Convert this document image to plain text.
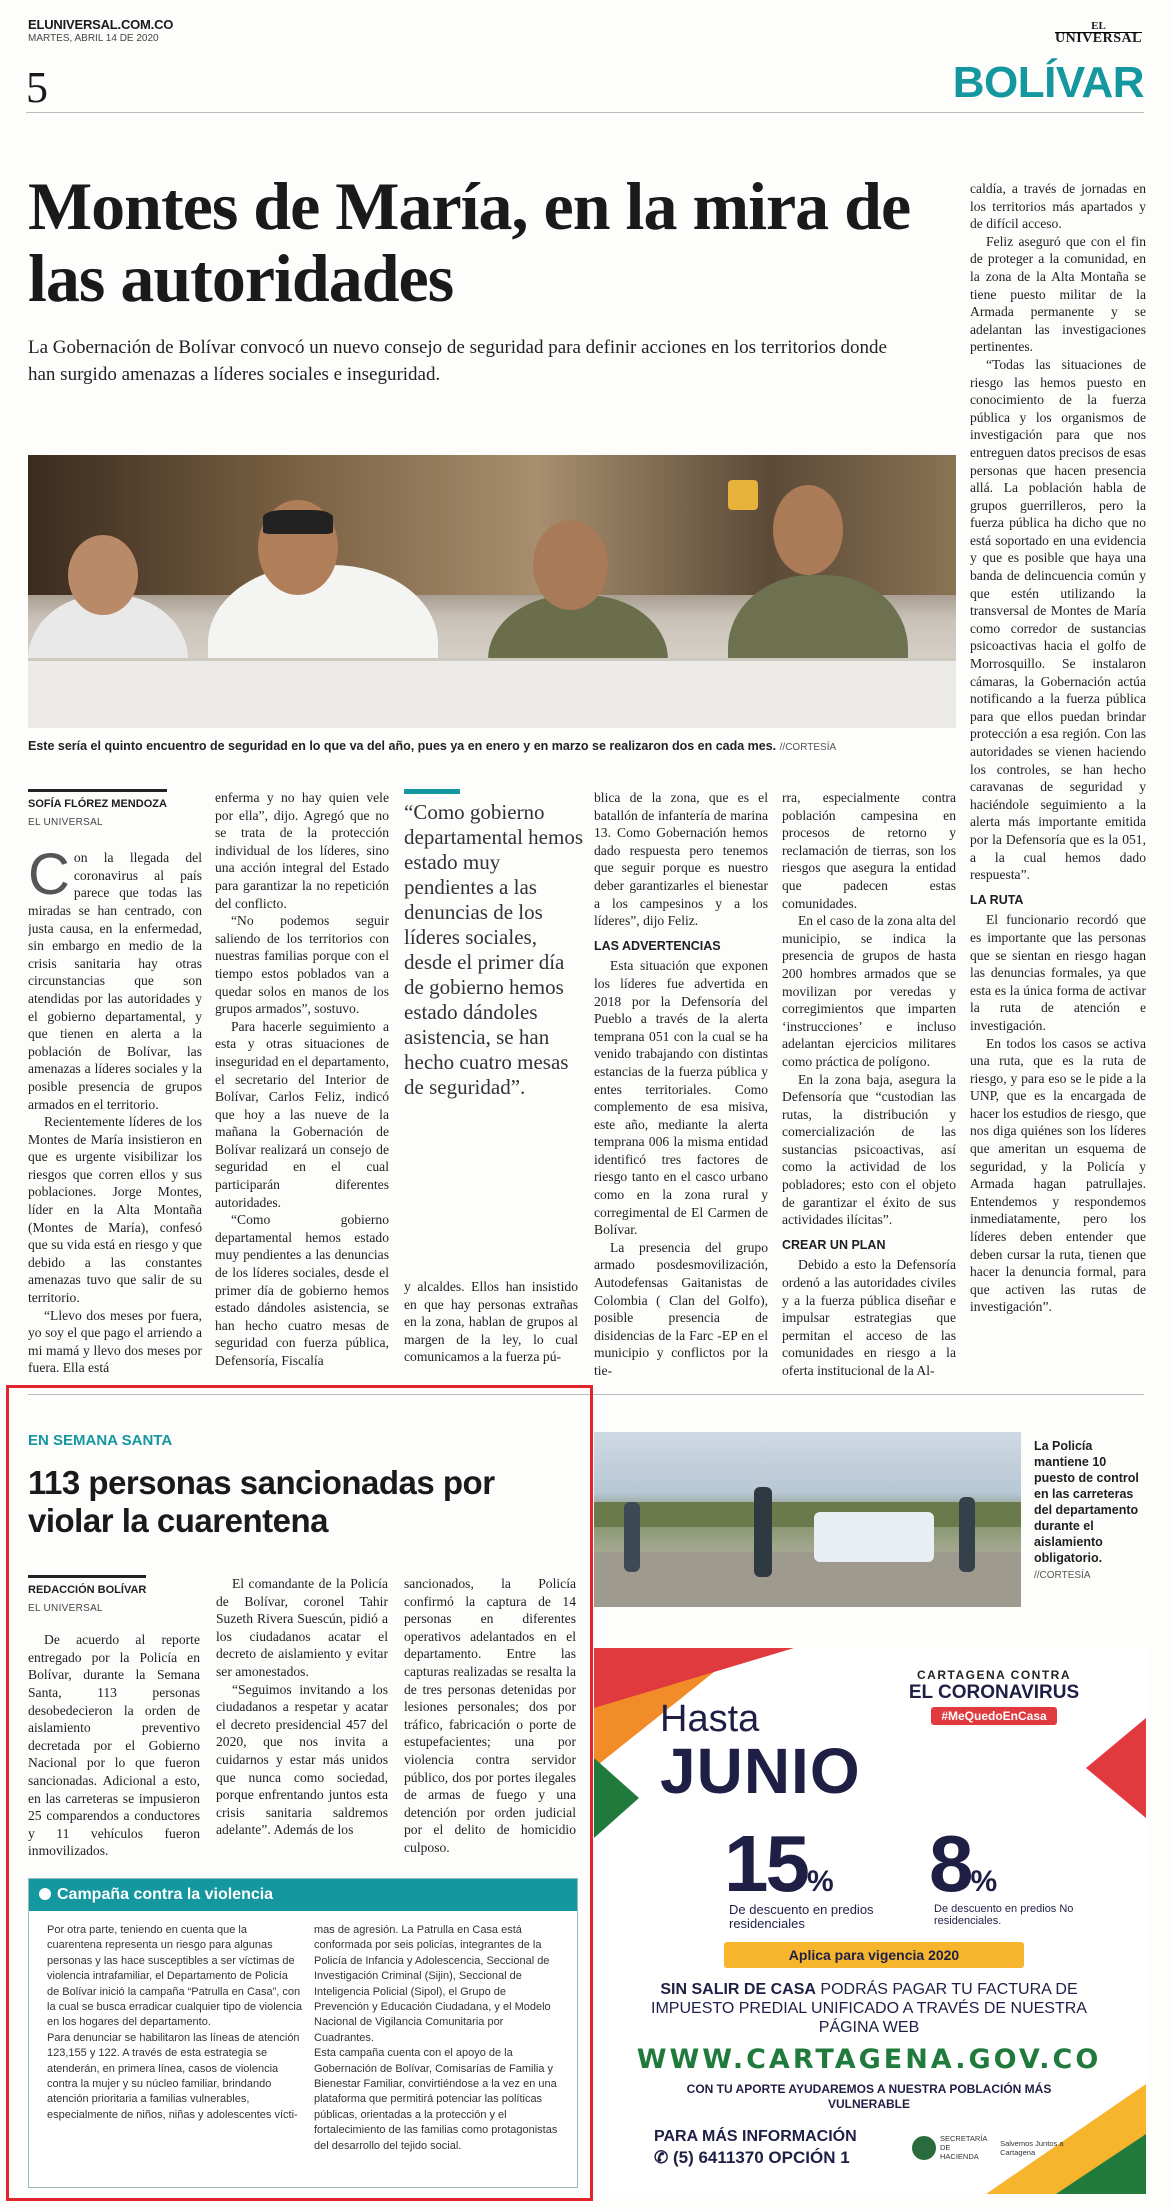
ELUNIVERSAL.COM.CO
MARTES, ABRIL 14 DE 2020
EL
UNIVERSAL
5	BOLÍVAR
Montes de María, en la mira de las autoridades
La Gobernación de Bolívar convocó un nuevo consejo de seguridad para definir acciones en los territorios donde han surgido amenazas a líderes sociales e inseguridad.
Este sería el quinto encuentro de seguridad en lo que va del año, pues ya en enero y en marzo se realizaron dos en cada mes. //CORTESÍA
SOFÍA FLÓREZ MENDOZA
EL UNIVERSAL

Con la llegada del coronavirus al país parece que todas las miradas se han centrado, con justa causa, en la enfermedad, sin embargo en medio de la crisis sanitaria hay otras circunstancias que son atendidas por las autoridades y el gobierno departamental, y que tienen en alerta a la población de Bolívar, las amenazas a líderes sociales y la posible presencia de grupos armados en el territorio.

Recientemente líderes de los Montes de María insistieron en que es urgente visibilizar los riesgos que corren ellos y sus poblaciones. Jorge Montes, líder en la Alta Montaña (Montes de María), confesó que su vida está en riesgo y que debido a las constantes amenazas tuvo que salir de su territorio.

“Llevo dos meses por fuera, yo soy el que pago el arriendo a mi mamá y llevo dos meses por fuera. Ella está

enferma y no hay quien vele por ella”, dijo. Agregó que no se trata de la protección individual de los líderes, sino una acción integral del Estado para garantizar la no repetición del conflicto.

“No podemos seguir saliendo de los territorios con nuestras familias porque con el tiempo estos poblados van a quedar solos en manos de los grupos armados”, sostuvo.

Para hacerle seguimiento a esta y otras situaciones de inseguridad en el departamento, el secretario del Interior de Bolívar, Carlos Feliz, indicó que hoy a las nueve de la mañana la Gobernación de Bolívar realizará un consejo de seguridad en el cual participarán diferentes autoridades.

“Como gobierno departamental hemos estado muy pendientes a las denuncias de los líderes sociales, desde el primer día de gobierno hemos estado dándoles asistencia, se han hecho cuatro mesas de seguridad con fuerza pública, Defensoría, Fiscalía

“Como gobierno departamental hemos estado muy pendientes a las denuncias de los líderes sociales, desde el primer día de gobierno hemos estado dándoles asistencia, se han hecho cuatro mesas de seguridad”.

y alcaldes. Ellos han insistido en que hay personas extrañas en la zona, hablan de grupos al margen de la ley, lo cual comunicamos a la fuerza pú-

blica de la zona, que es el batallón de infantería de marina 13. Como Gobernación hemos dado respuesta pero tenemos que seguir porque es nuestro deber garantizarles el bienestar a los campesinos y a los líderes”, dijo Feliz.

LAS ADVERTENCIAS

Esta situación que exponen los líderes fue advertida en 2018 por la Defensoría del Pueblo a través de la alerta temprana 051 con la cual se ha venido trabajando con distintas estancias de la fuerza pública y entes territoriales. Como complemento de esa misiva, este año, mediante la alerta temprana 006 la misma entidad identificó tres factores de riesgo tanto en el casco urbano como en la zona rural y corregimental de El Carmen de Bolívar.

La presencia del grupo armado posdesmovilización, Autodefensas Gaitanistas de Colombia ( Clan del Golfo), posible presencia de disidencias de la Farc -EP en el municipio y conflictos por la tie-

rra, especialmente contra población campesina en procesos de retorno y reclamación de tierras, son los riesgos que asegura la entidad que padecen estas comunidades.

En el caso de la zona alta del municipio, se indica la presencia de grupos de hasta 200 hombres armados que se movilizan por veredas y corregimientos que imparten ‘instrucciones’ e incluso adelantan ejercicios militares como práctica de polígono.

En la zona baja, asegura la Defensoría que “custodian las rutas, la distribución y comercialización de las sustancias psicoactivas, así como la actividad de los pobladores; esto con el objeto de garantizar el éxito de sus actividades ilícitas”.

CREAR UN PLAN

Debido a esto la Defensoría ordenó a las autoridades civiles y a la fuerza pública diseñar e impulsar estrategias que permitan el acceso de las comunidades en riesgo a la oferta institucional de la Al-

caldía, a través de jornadas en los territorios más apartados y de difícil acceso.

Feliz aseguró que con el fin de proteger a la comunidad, en la zona de la Alta Montaña se tiene puesto militar de la Armada permanente y se adelantan las investigaciones pertinentes.

“Todas las situaciones de riesgo las hemos puesto en conocimiento de la fuerza pública y los organismos de investigación para que nos entreguen datos precisos de esas personas que hacen presencia allá. La población habla de grupos guerrilleros, pero la fuerza pública ha dicho que no está soportado en una evidencia y que es posible que haya una banda de delincuencia común y que estén utilizando la transversal de Montes de María como corredor de sustancias psicoactivas hacia el golfo de Morrosquillo. Se instalaron cámaras, la Gobernación actúa notificando a la fuerza pública para que ellos puedan brindar protección a esa región. Con las autoridades se vienen haciendo los controles, se han hecho caravanas de seguridad y haciéndole seguimiento a la alerta más importante emitida por la Defensoría que es la 051, a la cual hemos dado respuesta”.

LA RUTA

El funcionario recordó que es importante que las personas que se sientan en riesgo hagan las denuncias formales, ya que esta es la única forma de activar la ruta de atención e investigación.

En todos los casos se activa una ruta, que es la ruta de riesgo, y para eso se le pide a la UNP, que es la encargada de hacer los estudios de riesgo, que nos diga quiénes son los líderes que ameritan un esquema de seguridad, y la Policía y Armada hagan patrullajes. Entendemos y respondemos inmediatamente, pero los líderes deben entender que deben cursar la ruta, tienen que hacer la denuncia formal, para que activen las rutas de investigación”.

EN SEMANA SANTA
113 personas sancionadas por violar la cuarentena
REDACCIÓN BOLÍVAR
EL UNIVERSAL

De acuerdo al reporte entregado por la Policía en Bolívar, durante la Semana Santa, 113 personas desobedecieron la orden de aislamiento preventivo decretada por el Gobierno Nacional por lo que fueron sancionadas. Adicional a esto, en las carreteras se impusieron 25 comparendos a conductores y 11 vehículos fueron inmovilizados.

El comandante de la Policía de Bolívar, coronel Tahir Suzeth Rivera Suescún, pidió a los ciudadanos acatar el decreto de aislamiento y evitar ser amonestados.

“Seguimos invitando a los ciudadanos a respetar y acatar el decreto presidencial 457 del 2020, que nos invita a cuidarnos y estar más unidos que nunca como sociedad, porque enfrentando juntos esta crisis sanitaria saldremos adelante”. Además de los

sancionados, la Policía confirmó la captura de 14 personas en diferentes operativos adelantados en el departamento. Entre las capturas realizadas se resalta la de tres personas detenidas por lesiones personales; dos por tráfico, fabricación o porte de estupefacientes; una por violencia contra servidor público, dos por portes ilegales de armas de fuego y una detención por orden judicial por el delito de homicidio culposo.

La Policía mantiene 10 puesto de control en las carreteras del departamento durante el aislamiento obligatorio. //CORTESÍA
Campaña contra la violencia

Por otra parte, teniendo en cuenta que la cuarentena representa un riesgo para algunas personas y las hace susceptibles a ser víctimas de violencia intrafamiliar, el Departamento de Policía de Bolívar inició la campaña “Patrulla en Casa”, con la cual se busca erradicar cualquier tipo de violencia en los hogares del departamento.

Para denunciar se habilitaron las líneas de atención 123,155 y 122. A través de esta estrategia se atenderán, en primera línea, casos de violencia contra la mujer y su núcleo familiar, brindando atención prioritaria a familias vulnerables, especialmente de niños, niñas y adolescentes vícti-

mas de agresión. La Patrulla en Casa está conformada por seis policías, integrantes de la Policía de Infancia y Adolescencia, Seccional de Investigación Criminal (Sijin), Seccional de Inteligencia Policial (Sipol), el Grupo de Prevención y Educación Ciudadana, y el Modelo Nacional de Vigilancia Comunitaria por Cuadrantes.

Esta campaña cuenta con el apoyo de la Gobernación de Bolívar, Comisarías de Familia y Bienestar Familiar, convirtiéndose a la vez en una plataforma que permitirá potenciar las políticas públicas, orientadas a la protección y el fortalecimiento de las familias como protagonistas del desarrollo del tejido social.

CARTAGENA CONTRA
EL CORONAVIRUS
#MeQuedoEnCasa
Hasta
JUNIO
15%
De descuento en predios residenciales
8%
De descuento en predios No residenciales.
Aplica para vigencia 2020
SIN SALIR DE CASA PODRÁS PAGAR TU FACTURA DE IMPUESTO PREDIAL UNIFICADO A TRAVÉS DE NUESTRA PÁGINA WEB
WWW.CARTAGENA.GOV.CO
CON TU APORTE AYUDAREMOS A NUESTRA POBLACIÓN MÁS VULNERABLE
PARA MÁS INFORMACIÓN
✆ (5) 6411370 OPCIÓN 1
SECRETARÍA DE HACIENDA Salvemos Juntos a Cartagena
